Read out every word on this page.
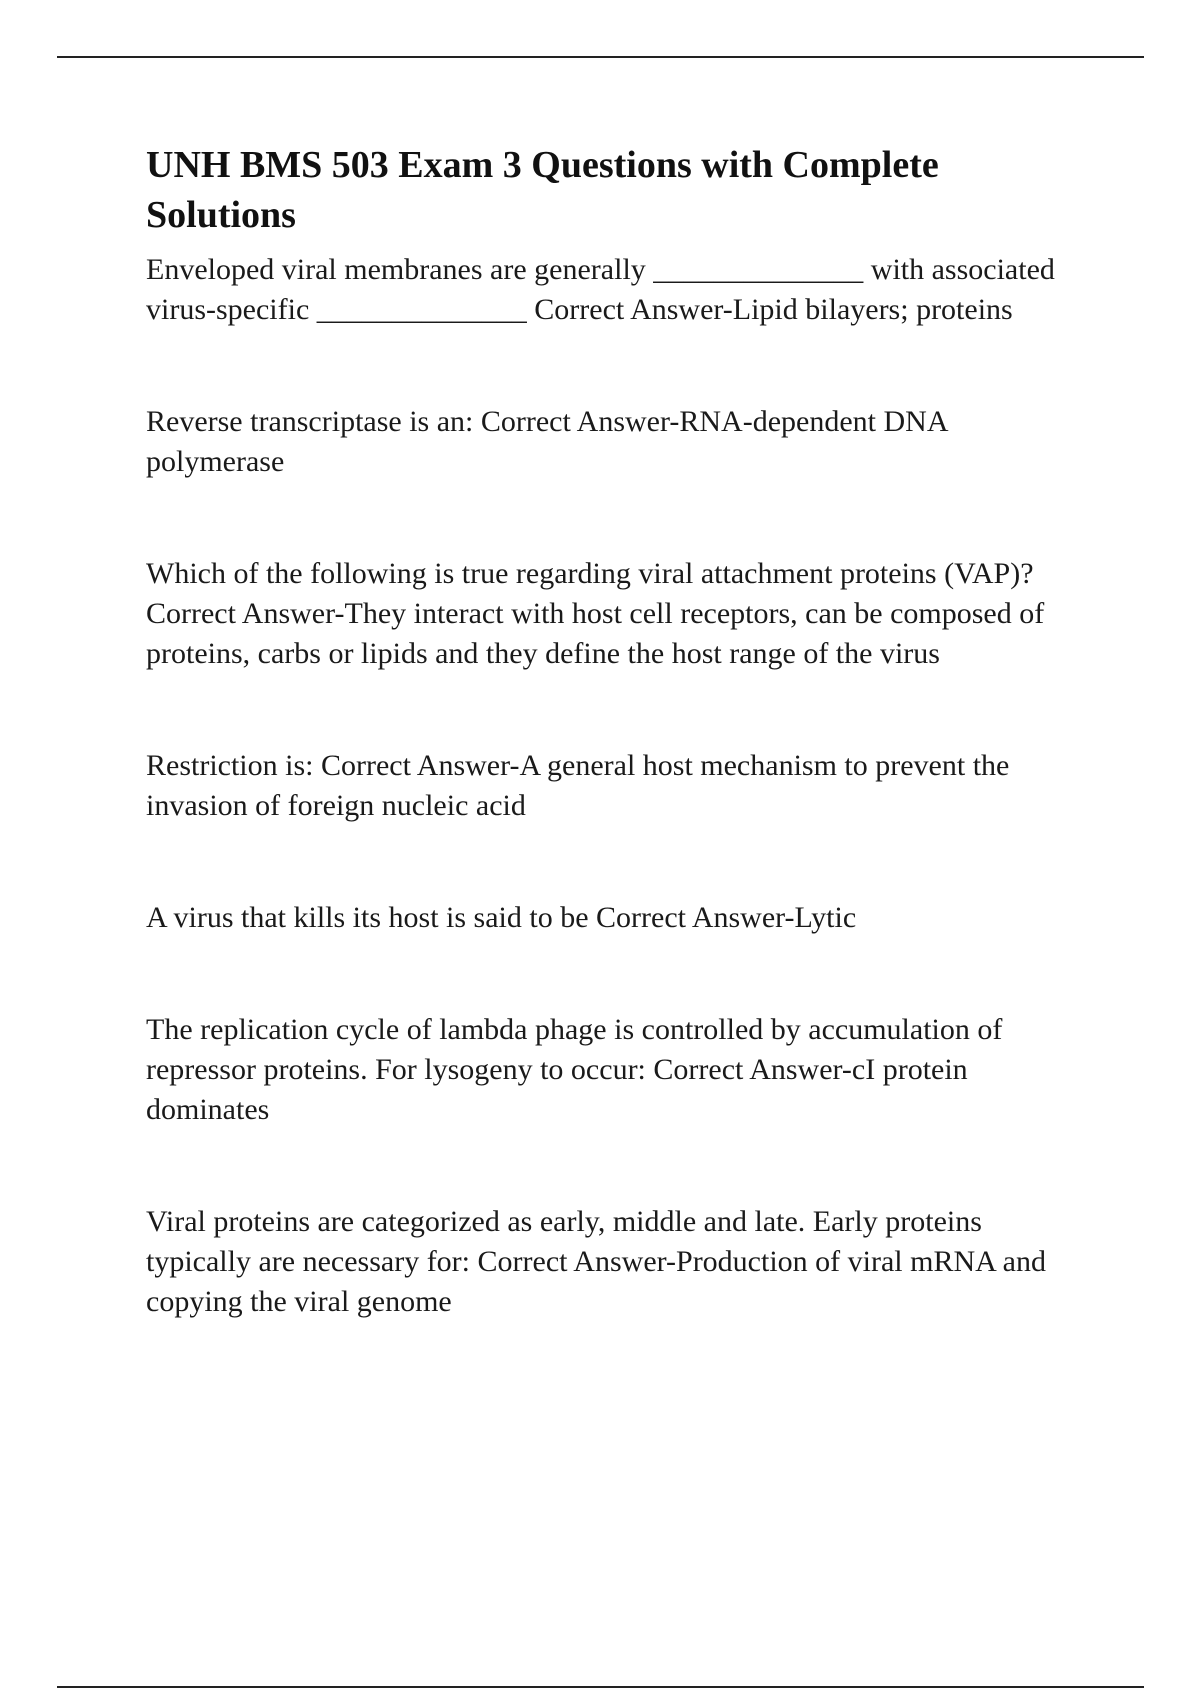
UNH BMS 503 Exam 3 Questions with Complete Solutions

Enveloped viral membranes are generally ______________ with associated virus-specific ______________ Correct Answer-Lipid bilayers; proteins

Reverse transcriptase is an: Correct Answer-RNA-dependent DNA polymerase

Which of the following is true regarding viral attachment proteins (VAP)? Correct Answer-They interact with host cell receptors, can be composed of proteins, carbs or lipids and they define the host range of the virus

Restriction is: Correct Answer-A general host mechanism to prevent the invasion of foreign nucleic acid

A virus that kills its host is said to be Correct Answer-Lytic

The replication cycle of lambda phage is controlled by accumulation of repressor proteins. For lysogeny to occur: Correct Answer-cI protein dominates

Viral proteins are categorized as early, middle and late. Early proteins typically are necessary for: Correct Answer-Production of viral mRNA and copying the viral genome
